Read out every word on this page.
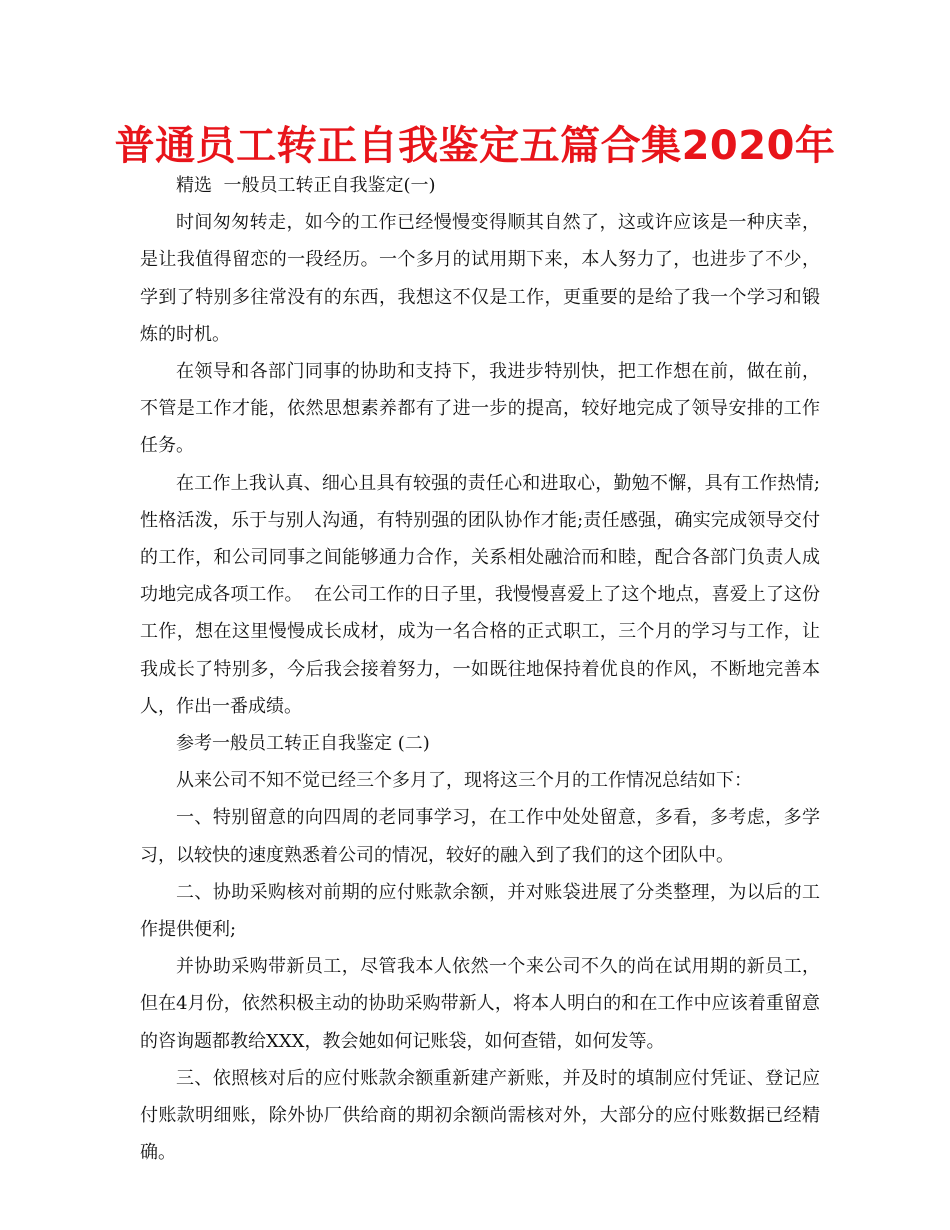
普通员工转正自我鉴定五篇合集2020年

精选  一般员工转正自我鉴定(一)

时间匆匆转走，如今的工作已经慢慢变得顺其自然了，这或许应该是一种庆幸，是让我值得留恋的一段经历。一个多月的试用期下来，本人努力了，也进步了不少，学到了特别多往常没有的东西，我想这不仅是工作，更重要的是给了我一个学习和锻炼的时机。

在领导和各部门同事的协助和支持下，我进步特别快，把工作想在前，做在前，不管是工作才能，依然思想素养都有了进一步的提高，较好地完成了领导安排的工作任务。

在工作上我认真、细心且具有较强的责任心和进取心，勤勉不懈，具有工作热情;性格活泼，乐于与别人沟通，有特别强的团队协作才能;责任感强，确实完成领导交付的工作，和公司同事之间能够通力合作，关系相处融洽而和睦，配合各部门负责人成功地完成各项工作。  在公司工作的日子里，我慢慢喜爱上了这个地点，喜爱上了这份工作，想在这里慢慢成长成材，成为一名合格的正式职工，三个月的学习与工作，让我成长了特别多，今后我会接着努力，一如既往地保持着优良的作风，不断地完善本人，作出一番成绩。

参考一般员工转正自我鉴定 (二)

从来公司不知不觉已经三个多月了，现将这三个月的工作情况总结如下：

一、特别留意的向四周的老同事学习，在工作中处处留意，多看，多考虑，多学习，以较快的速度熟悉着公司的情况，较好的融入到了我们的这个团队中。

二、协助采购核对前期的应付账款余额，并对账袋进展了分类整理，为以后的工作提供便利;

并协助采购带新员工，尽管我本人依然一个来公司不久的尚在试用期的新员工，但在4月份，依然积极主动的协助采购带新人，将本人明白的和在工作中应该着重留意的咨询题都教给XXX，教会她如何记账袋，如何查错，如何发等。

三、依照核对后的应付账款余额重新建产新账，并及时的填制应付凭证、登记应付账款明细账，除外协厂供给商的期初余额尚需核对外，大部分的应付账数据已经精确。
